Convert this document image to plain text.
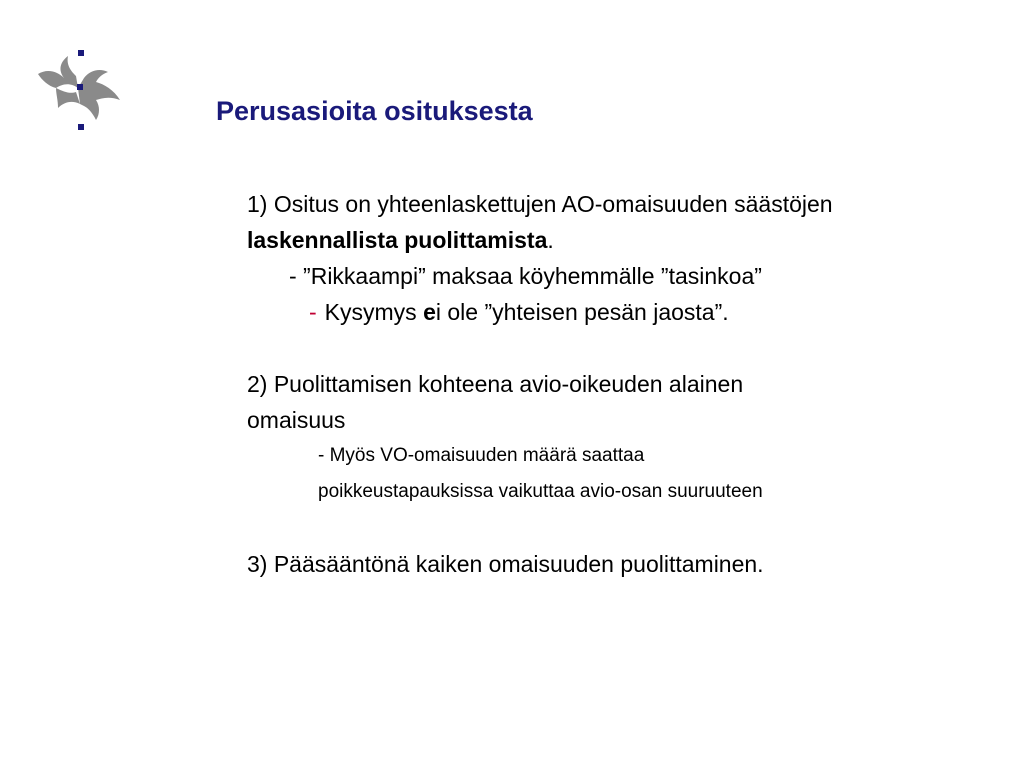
Perusasioita osituksesta
1) Ositus on yhteenlaskettujen AO-omaisuuden säästöjen
laskennallista puolittamista.
- ”Rikkaampi” maksaa köyhemmälle ”tasinkoa”
- Kysymys ei ole ”yhteisen pesän jaosta”.
2) Puolittamisen kohteena avio-oikeuden alainen
omaisuus
- Myös VO-omaisuuden määrä saattaa
poikkeustapauksissa vaikuttaa avio-osan suuruuteen
3) Pääsääntönä kaiken omaisuuden puolittaminen.
